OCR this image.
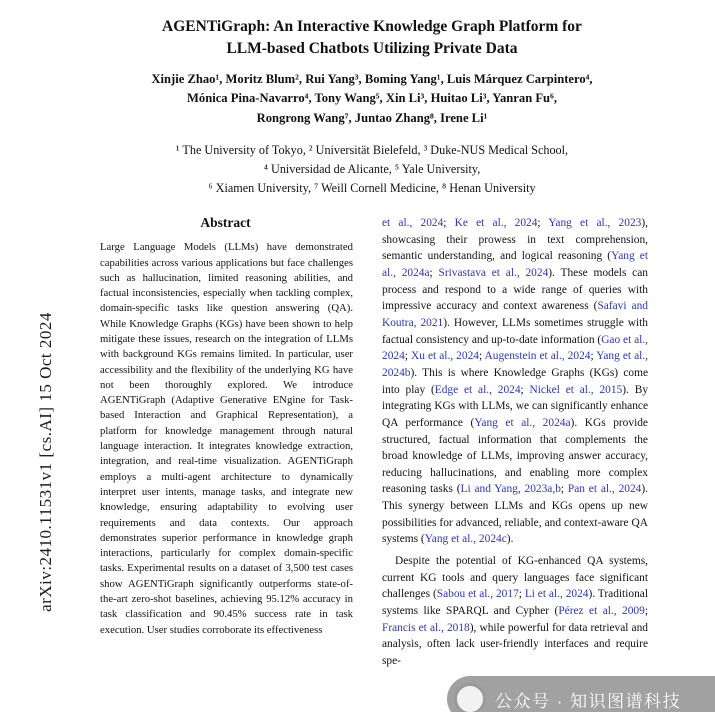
arXiv:2410.11531v1 [cs.AI] 15 Oct 2024
AGENTiGraph: An Interactive Knowledge Graph Platform for
LLM-based Chatbots Utilizing Private Data
Xinjie Zhao¹, Moritz Blum², Rui Yang³, Boming Yang¹, Luis Márquez Carpintero⁴,
Mónica Pina-Navarro⁴, Tony Wang⁵, Xin Li³, Huitao Li³, Yanran Fu⁶,
Rongrong Wang⁷, Juntao Zhang⁸, Irene Li¹
¹ The University of Tokyo, ² Universität Bielefeld, ³ Duke-NUS Medical School,
⁴ Universidad de Alicante, ⁵ Yale University,
⁶ Xiamen University, ⁷ Weill Cornell Medicine, ⁸ Henan University
Abstract

Large Language Models (LLMs) have demonstrated capabilities across various applications but face challenges such as hallucination, limited reasoning abilities, and factual inconsistencies, especially when tackling complex, domain-specific tasks like question answering (QA). While Knowledge Graphs (KGs) have been shown to help mitigate these issues, research on the integration of LLMs with background KGs remains limited. In particular, user accessibility and the flexibility of the underlying KG have not been thoroughly explored. We introduce AGENTiGraph (Adaptive Generative ENgine for Task-based Interaction and Graphical Representation), a platform for knowledge management through natural language interaction. It integrates knowledge extraction, integration, and real-time visualization. AGENTiGraph employs a multi-agent architecture to dynamically interpret user intents, manage tasks, and integrate new knowledge, ensuring adaptability to evolving user requirements and data contexts. Our approach demonstrates superior performance in knowledge graph interactions, particularly for complex domain-specific tasks. Experimental results on a dataset of 3,500 test cases show AGENTiGraph significantly outperforms state-of-the-art zero-shot baselines, achieving 95.12% accuracy in task classification and 90.45% success rate in task execution. User studies corroborate its effectiveness

et al., 2024; Ke et al., 2024; Yang et al., 2023), showcasing their prowess in text comprehension, semantic understanding, and logical reasoning (Yang et al., 2024a; Srivastava et al., 2024). These models can process and respond to a wide range of queries with impressive accuracy and context awareness (Safavi and Koutra, 2021). However, LLMs sometimes struggle with factual consistency and up-to-date information (Gao et al., 2024; Xu et al., 2024; Augenstein et al., 2024; Yang et al., 2024b). This is where Knowledge Graphs (KGs) come into play (Edge et al., 2024; Nickel et al., 2015). By integrating KGs with LLMs, we can significantly enhance QA performance (Yang et al., 2024a). KGs provide structured, factual information that complements the broad knowledge of LLMs, improving answer accuracy, reducing hallucinations, and enabling more complex reasoning tasks (Li and Yang, 2023a,b; Pan et al., 2024). This synergy between LLMs and KGs opens up new possibilities for advanced, reliable, and context-aware QA systems (Yang et al., 2024c).

Despite the potential of KG-enhanced QA systems, current KG tools and query languages face significant challenges (Sabou et al., 2017; Li et al., 2024). Traditional systems like SPARQL and Cypher (Pérez et al., 2009; Francis et al., 2018), while powerful for data retrieval and analysis, often lack user-friendly interfaces and require spe-

公众号 · 知识图谱科技
